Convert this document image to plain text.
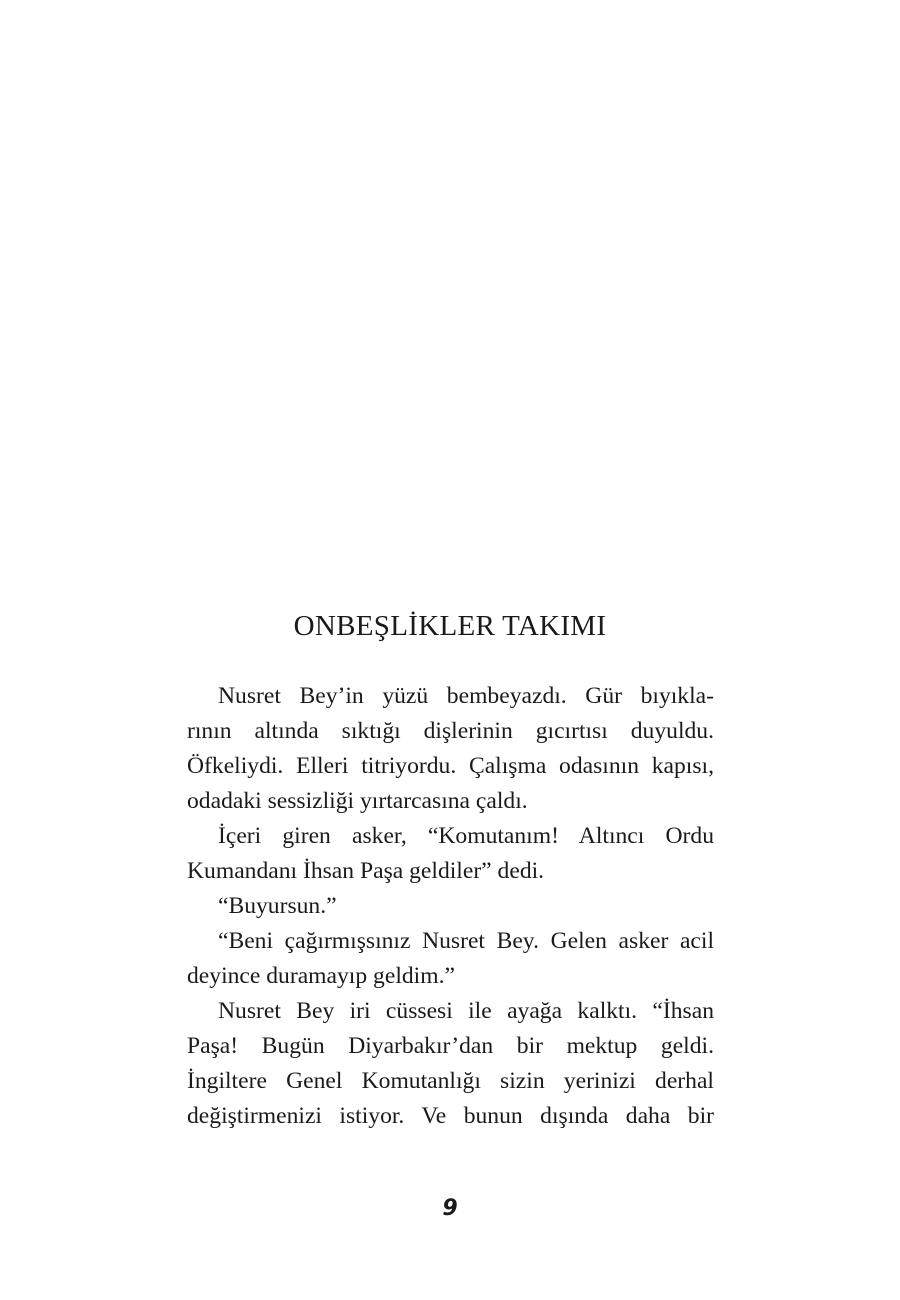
ONBEŞLİKLER TAKIMI
Nusret Bey’in yüzü bembeyazdı. Gür bıyıkla-
rının altında sıktığı dişlerinin gıcırtısı duyuldu.
Öfkeliydi. Elleri titriyordu. Çalışma odasının kapısı,
odadaki sessizliği yırtarcasına çaldı.
İçeri giren asker, “Komutanım! Altıncı Ordu
Kumandanı İhsan Paşa geldiler” dedi.
“Buyursun.”
“Beni çağırmışsınız Nusret Bey. Gelen asker acil
deyince duramayıp geldim.”
Nusret Bey iri cüssesi ile ayağa kalktı. “İhsan
Paşa! Bugün Diyarbakır’dan bir mektup geldi.
İngiltere Genel Komutanlığı sizin yerinizi derhal
değiştirmenizi istiyor. Ve bunun dışında daha bir
9
